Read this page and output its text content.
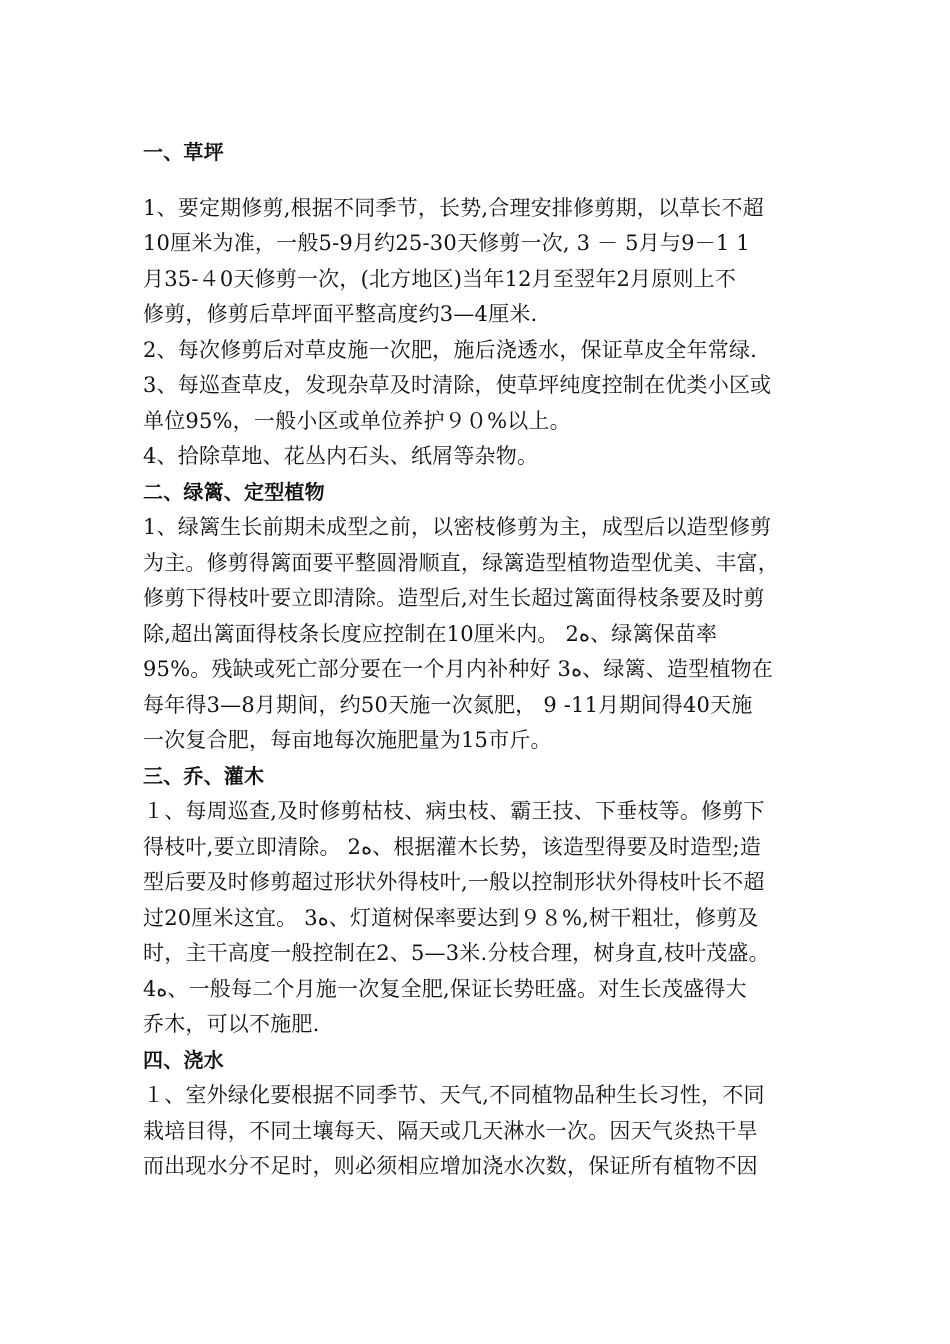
一、草坪
1、要定期修剪,根据不同季节，长势,合理安排修剪期，以草长不超
10厘米为准，一般5-9月约25-30天修剪一次, 3 － 5月与9－1 1
月35-４0天修剪一次，(北方地区)当年12月至翌年2月原则上不
修剪，修剪后草坪面平整高度约3—4厘米.
2、每次修剪后对草皮施一次肥，施后浇透水，保证草皮全年常绿.
3、每巡查草皮，发现杂草及时清除，使草坪纯度控制在优类小区或
单位95%，一般小区或单位养护９０%以上。
4、拾除草地、花丛内石头、纸屑等杂物。
二、绿篱、定型植物
1、绿篱生长前期未成型之前，以密枝修剪为主，成型后以造型修剪
为主。修剪得篱面要平整圆滑顺直，绿篱造型植物造型优美、丰富，
修剪下得枝叶要立即清除。造型后,对生长超过篱面得枝条要及时剪
除,超出篱面得枝条长度应控制在10厘米内。 2ﻩ、绿篱保苗率
95%。残缺或死亡部分要在一个月内补种好 3ﻩ、绿篱、造型植物在
每年得3—8月期间，约50天施一次氮肥， 9 -11月期间得40天施
一次复合肥，每亩地每次施肥量为15市斤。
三、乔、灌木
１、每周巡查,及时修剪枯枝、病虫枝、霸王技、下垂枝等。修剪下
得枝叶,要立即清除。 2ﻩ、根据灌木长势，该造型得要及时造型;造
型后要及时修剪超过形状外得枝叶,一般以控制形状外得枝叶长不超
过20厘米这宜。 3ﻩ、灯道树保率要达到９８%,树干粗壮，修剪及
时，主干高度一般控制在2、5—3米.分枝合理，树身直,枝叶茂盛。
4ﻩ、一般每二个月施一次复全肥,保证长势旺盛。对生长茂盛得大
乔木，可以不施肥.
四、浇水
１、室外绿化要根据不同季节、天气,不同植物品种生长习性，不同
栽培目得，不同土壤每天、隔天或几天淋水一次。因天气炎热干旱
而出现水分不足时，则必须相应增加浇水次数，保证所有植物不因
